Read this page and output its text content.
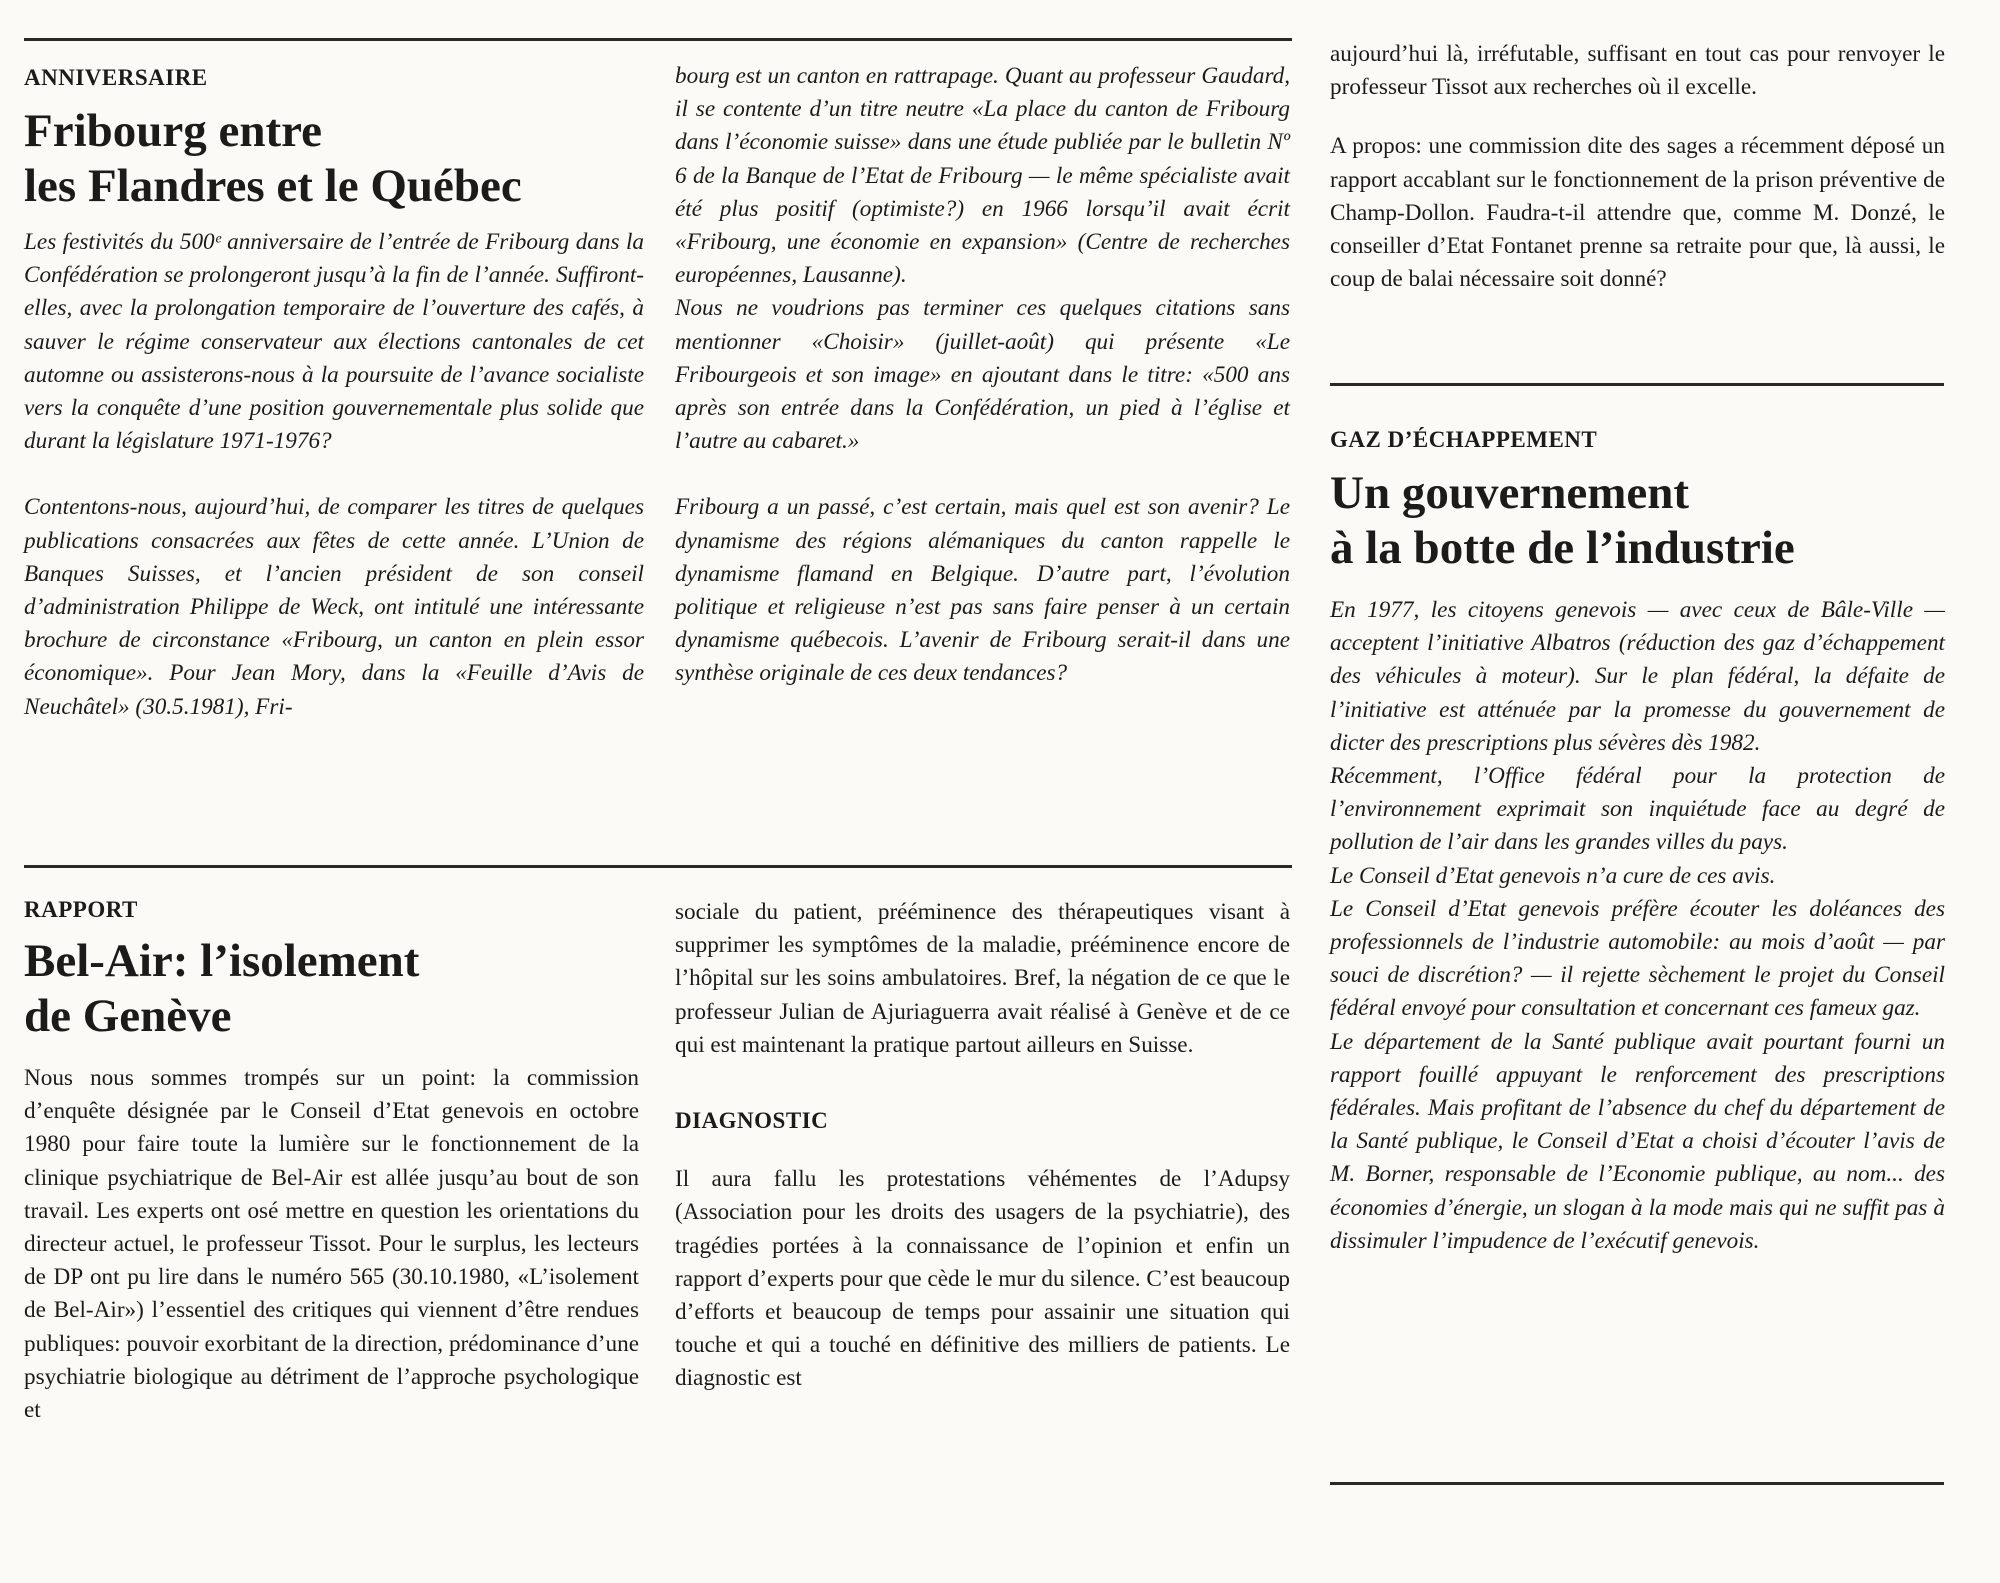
ANNIVERSAIRE
Fribourg entre
les Flandres et le Québec
Les festivités du 500ᵉ anniversaire de l’entrée de Fribourg dans la Confédération se prolongeront jusqu’à la fin de l’année. Suffiront-elles, avec la prolongation temporaire de l’ouverture des cafés, à sauver le régime conservateur aux élections cantonales de cet automne ou assisterons-nous à la poursuite de l’avance socialiste vers la conquête d’une position gouvernementale plus solide que durant la législature 1971-1976?
Contentons-nous, aujourd’hui, de comparer les titres de quelques publications consacrées aux fêtes de cette année. L’Union de Banques Suisses, et l’ancien président de son conseil d’administration Philippe de Weck, ont intitulé une intéressante brochure de circonstance «Fribourg, un canton en plein essor économique». Pour Jean Mory, dans la «Feuille d’Avis de Neuchâtel» (30.5.1981), Fri-
bourg est un canton en rattrapage. Quant au professeur Gaudard, il se contente d’un titre neutre «La place du canton de Fribourg dans l’économie suisse» dans une étude publiée par le bulletin Nº 6 de la Banque de l’Etat de Fribourg — le même spécialiste avait été plus positif (optimiste?) en 1966 lorsqu’il avait écrit «Fribourg, une économie en expansion» (Centre de recherches européennes, Lausanne).
Nous ne voudrions pas terminer ces quelques citations sans mentionner «Choisir» (juillet-août) qui présente «Le Fribourgeois et son image» en ajoutant dans le titre: «500 ans après son entrée dans la Confédération, un pied à l’église et l’autre au cabaret.»
Fribourg a un passé, c’est certain, mais quel est son avenir? Le dynamisme des régions alémaniques du canton rappelle le dynamisme flamand en Belgique. D’autre part, l’évolution politique et religieuse n’est pas sans faire penser à un certain dynamisme québecois. L’avenir de Fribourg serait-il dans une synthèse originale de ces deux tendances?
RAPPORT
Bel-Air: l’isolement
de Genève
Nous nous sommes trompés sur un point: la commission d’enquête désignée par le Conseil d’Etat genevois en octobre 1980 pour faire toute la lumière sur le fonctionnement de la clinique psychiatrique de Bel-Air est allée jusqu’au bout de son travail. Les experts ont osé mettre en question les orientations du directeur actuel, le professeur Tissot. Pour le surplus, les lecteurs de DP ont pu lire dans le numéro 565 (30.10.1980, «L’isolement de Bel-Air») l’essentiel des critiques qui viennent d’être rendues publiques: pouvoir exorbitant de la direction, prédominance d’une psychiatrie biologique au détriment de l’approche psychologique et
sociale du patient, prééminence des thérapeutiques visant à supprimer les symptômes de la maladie, prééminence encore de l’hôpital sur les soins ambulatoires. Bref, la négation de ce que le professeur Julian de Ajuriaguerra avait réalisé à Genève et de ce qui est maintenant la pratique partout ailleurs en Suisse.
DIAGNOSTIC
Il aura fallu les protestations véhémentes de l’Adupsy (Association pour les droits des usagers de la psychiatrie), des tragédies portées à la connaissance de l’opinion et enfin un rapport d’experts pour que cède le mur du silence. C’est beaucoup d’efforts et beaucoup de temps pour assainir une situation qui touche et qui a touché en définitive des milliers de patients. Le diagnostic est
aujourd’hui là, irréfutable, suffisant en tout cas pour renvoyer le professeur Tissot aux recherches où il excelle.
A propos: une commission dite des sages a récemment déposé un rapport accablant sur le fonctionnement de la prison préventive de Champ-Dollon. Faudra-t-il attendre que, comme M. Donzé, le conseiller d’Etat Fontanet prenne sa retraite pour que, là aussi, le coup de balai nécessaire soit donné?
GAZ D’ÉCHAPPEMENT
Un gouvernement
à la botte de l’industrie
En 1977, les citoyens genevois — avec ceux de Bâle-Ville — acceptent l’initiative Albatros (réduction des gaz d’échappement des véhicules à moteur). Sur le plan fédéral, la défaite de l’initiative est atténuée par la promesse du gouvernement de dicter des prescriptions plus sévères dès 1982.
Récemment, l’Office fédéral pour la protection de l’environnement exprimait son inquiétude face au degré de pollution de l’air dans les grandes villes du pays.
Le Conseil d’Etat genevois n’a cure de ces avis.
Le Conseil d’Etat genevois préfère écouter les doléances des professionnels de l’industrie automobile: au mois d’août — par souci de discrétion? — il rejette sèchement le projet du Conseil fédéral envoyé pour consultation et concernant ces fameux gaz.
Le département de la Santé publique avait pourtant fourni un rapport fouillé appuyant le renforcement des prescriptions fédérales. Mais profitant de l’absence du chef du département de la Santé publique, le Conseil d’Etat a choisi d’écouter l’avis de M. Borner, responsable de l’Economie publique, au nom... des économies d’énergie, un slogan à la mode mais qui ne suffit pas à dissimuler l’impudence de l’exécutif genevois.
